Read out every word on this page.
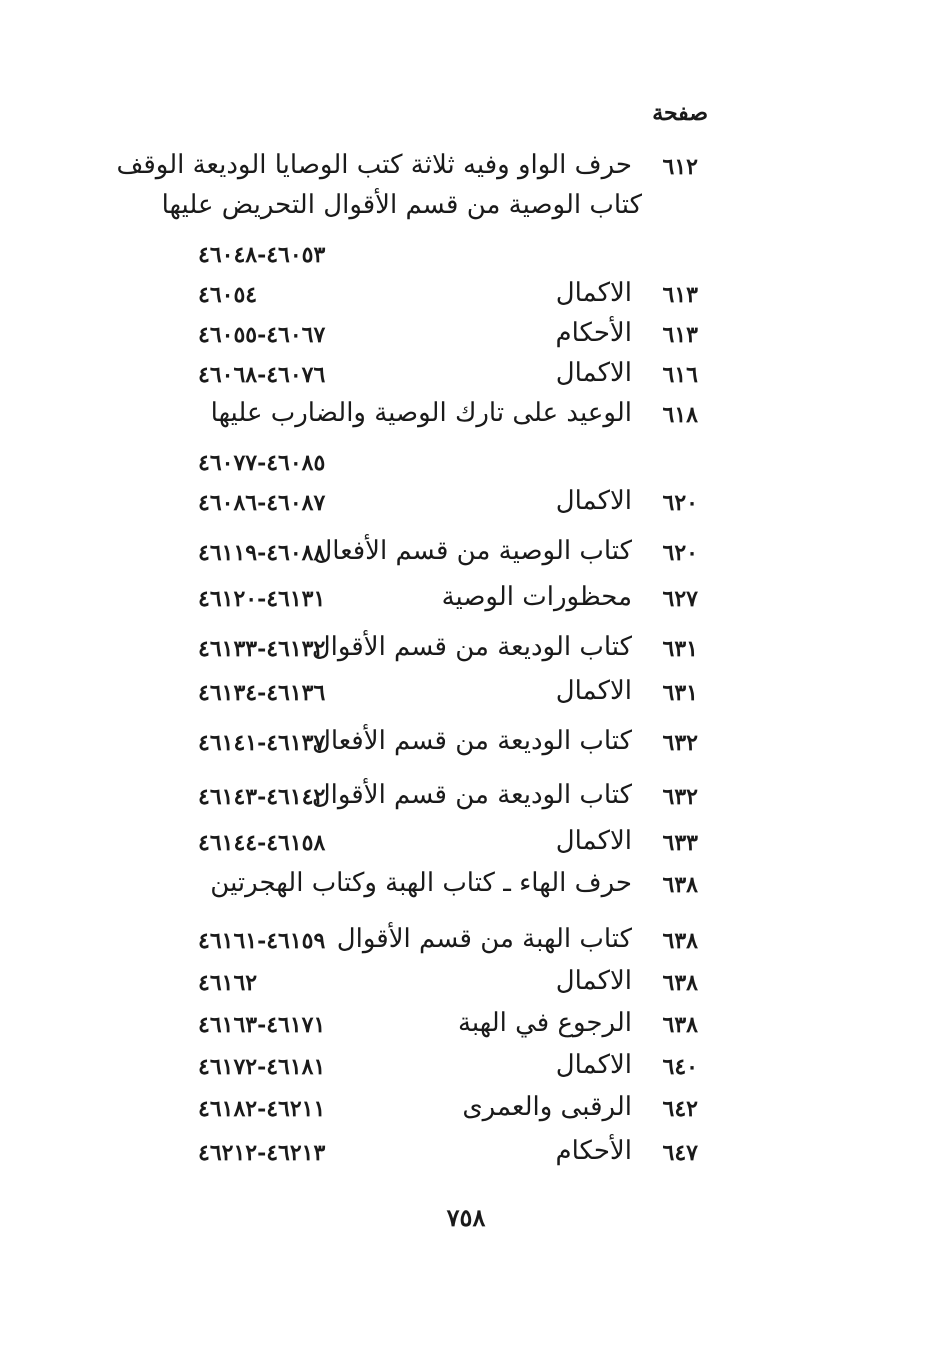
صفحة
٦١٢
حرف الواو وفيه ثلاثة كتب الوصايا الوديعة الوقف
كتاب الوصية من قسم الأقوال التحريض عليها
٤٦٠٥٣-٤٦٠٤٨
٦١٣
الاكمال
٤٦٠٥٤
٦١٣
الأحكام
٤٦٠٦٧-٤٦٠٥٥
٦١٦
الاكمال
٤٦٠٧٦-٤٦٠٦٨
٦١٨
الوعيد على تارك الوصية والضارب عليها
٤٦٠٨٥-٤٦٠٧٧
٦٢٠
الاكمال
٤٦٠٨٧-٤٦٠٨٦
٦٢٠
كتاب الوصية من قسم الأفعال
٤٦٠٨٨-٤٦١١٩
٦٢٧
محظورات الوصية
٤٦١٣١-٤٦١٢٠
٦٣١
كتاب الوديعة من قسم الأقوال
٤٦١٣٢-٤٦١٣٣
٦٣١
الاكمال
٤٦١٣٦-٤٦١٣٤
٦٣٢
كتاب الوديعة من قسم الأفعال
٤٦١٣٧-٤٦١٤١
٦٣٢
كتاب الوديعة من قسم الأقوال
٤٦١٤٢-٤٦١٤٣
٦٣٣
الاكمال
٤٦١٥٨-٤٦١٤٤
٦٣٨
حرف الهاء ـ كتاب الهبة وكتاب الهجرتين
٦٣٨
كتاب الهبة من قسم الأقوال
٤٦١٥٩-٤٦١٦١
٦٣٨
الاكمال
٤٦١٦٢
٦٣٨
الرجوع في الهبة
٤٦١٧١-٤٦١٦٣
٦٤٠
الاكمال
٤٦١٨١-٤٦١٧٢
٦٤٢
الرقبى والعمرى
٤٦٢١١-٤٦١٨٢
٦٤٧
الأحكام
٤٦٢١٣-٤٦٢١٢
٧٥٨
